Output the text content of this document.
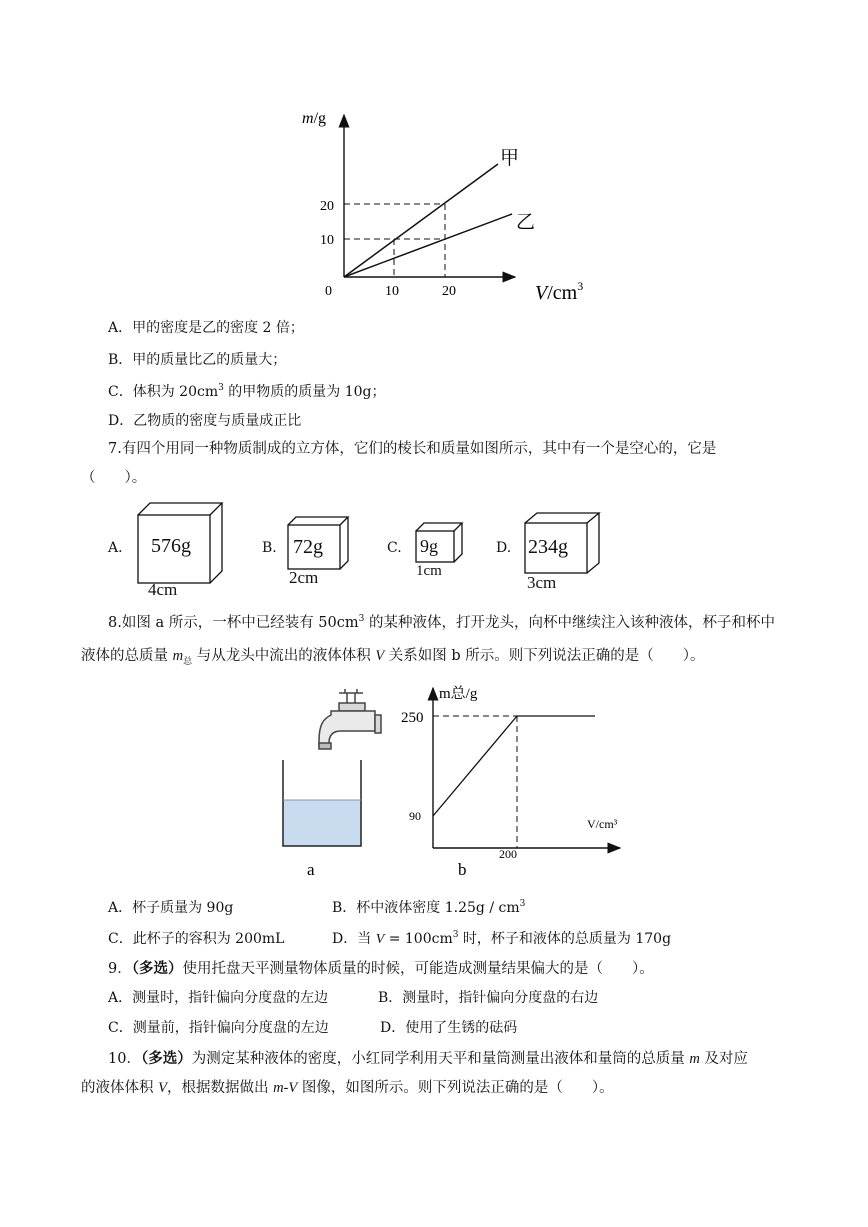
m/g
甲
乙
20
10
0	10	20	$V/cm^3$
A．甲的密度是乙的密度 2 倍；
B．甲的质量比乙的质量大；
C．体积为 $20cm^3$ 的甲物质的质量为 10g；
D．乙物质的密度与质量成正比
7.有四个用同一种物质制成的立方体，它们的棱长和质量如图所示，其中有一个是空心的，它是
（　　）。
A. 576g
4cm
B. 72g
2cm
C. 9g
1cm
D. 234g
3cm
8.如图 a 所示，一杯中已经装有 $50cm^3$ 的某种液体，打开龙头，向杯中继续注入该种液体，杯子和杯中
液体的总质量 $m_总$ 与从龙头中流出的液体体积 V 关系如图 b 所示。则下列说法正确的是（　　）。
a
m总/g
250
90
V/cm³
200
b
A．杯子质量为 90g	B．杯中液体密度 $1.25g / cm^3$
C．此杯子的容积为 200mL	D．当 $V = 100cm^3$ 时，杯子和液体的总质量为 170g
9．（多选）使用托盘天平测量物体质量的时候，可能造成测量结果偏大的是（　　）。
A．测量时，指针偏向分度盘的左边	B．测量时，指针偏向分度盘的右边
C．测量前，指针偏向分度盘的左边	D．使用了生锈的砝码
10．（多选）为测定某种液体的密度，小红同学利用天平和量筒测量出液体和量筒的总质量 m 及对应
的液体体积 V，根据数据做出 m-V 图像，如图所示。则下列说法正确的是（　　）。
